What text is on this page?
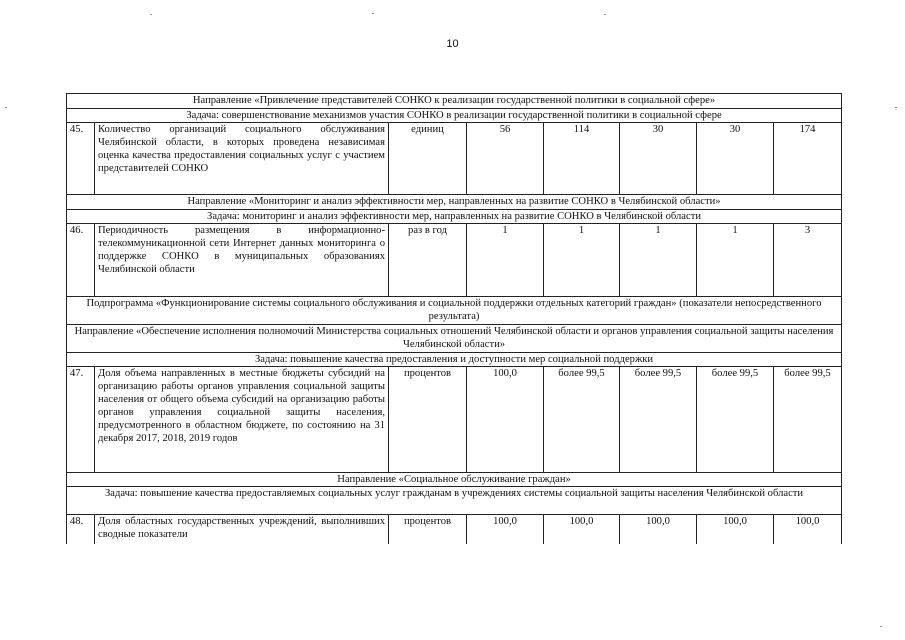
10
Направление «Привлечение представителей СОНКО к реализации государственной политики в социальной сфере»							
Задача: совершенствование механизмов участия СОНКО в реализации государственной политики в социальной сфере							
45.	Количество организаций социального обслуживания Челябинской области, в которых проведена независимая оценка качества предоставления социальных услуг с участием представителей СОНКО	единиц	56	114	30	30	174
Направление «Мониторинг и анализ эффективности мер, направленных на развитие СОНКО в Челябинской области»							
Задача: мониторинг и анализ эффективности мер, направленных на развитие СОНКО в Челябинской области							
46.	Периодичность размещения в информационно-телекоммуникационной сети Интернет данных мониторинга о поддержке СОНКО в муниципальных образованиях Челябинской области	раз в год	1	1	1	1	3
Подпрограмма «Функционирование системы социального обслуживания и социальной поддержки отдельных категорий граждан» (показатели непосредственного результата)							
Направление «Обеспечение исполнения полномочий Министерства социальных отношений Челябинской области и органов управления социальной защиты населения Челябинской области»							
Задача: повышение качества предоставления и доступности мер социальной поддержки							
47.	Доля объема направленных в местные бюджеты субсидий на организацию работы органов управления социальной защиты населения от общего объема субсидий на организацию работы органов управления социальной защиты населения, предусмотренного в областном бюджете, по состоянию на 31 декабря 2017, 2018, 2019 годов	процентов	100,0	более 99,5	более 99,5	более 99,5	более 99,5
Направление «Социальное обслуживание граждан»							
Задача: повышение качества предоставляемых социальных услуг гражданам в учреждениях системы социальной защиты населения Челябинской области							
48.	Доля областных государственных учреждений, выполнивших сводные показатели	процентов	100,0	100,0	100,0	100,0	100,0
